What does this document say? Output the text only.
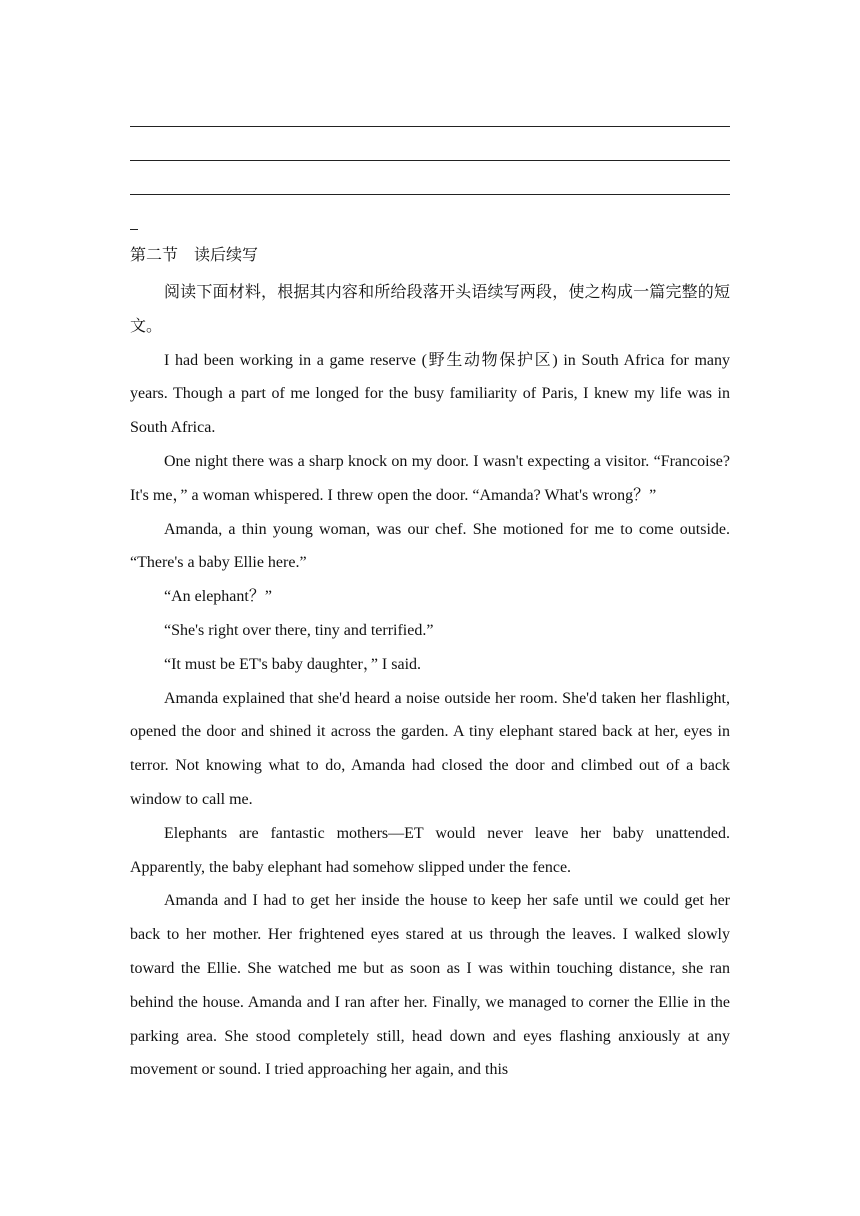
第二节 读后续写

阅读下面材料，根据其内容和所给段落开头语续写两段，使之构成一篇完整的短文。

I had been working in a game reserve (野生动物保护区) in South Africa for many years. Though a part of me longed for the busy familiarity of Paris, I knew my life was in South Africa.

One night there was a sharp knock on my door. I wasn't expecting a visitor. “Francoise? It's me，” a woman whispered. I threw open the door. “Amanda? What's wrong？”

Amanda, a thin young woman, was our chef. She motioned for me to come outside. “There's a baby Ellie here.”

“An elephant？”

“She's right over there, tiny and terrified.”

“It must be ET's baby daughter，” I said.

Amanda explained that she'd heard a noise outside her room. She'd taken her flashlight, opened the door and shined it across the garden. A tiny elephant stared back at her, eyes in terror. Not knowing what to do, Amanda had closed the door and climbed out of a back window to call me.

Elephants are fantastic mothers—ET would never leave her baby unattended. Apparently, the baby elephant had somehow slipped under the fence.

Amanda and I had to get her inside the house to keep her safe until we could get her back to her mother. Her frightened eyes stared at us through the leaves. I walked slowly toward the Ellie. She watched me but as soon as I was within touching distance, she ran behind the house. Amanda and I ran after her. Finally, we managed to corner the Ellie in the parking area. She stood completely still, head down and eyes flashing anxiously at any movement or sound. I tried approaching her again, and this
